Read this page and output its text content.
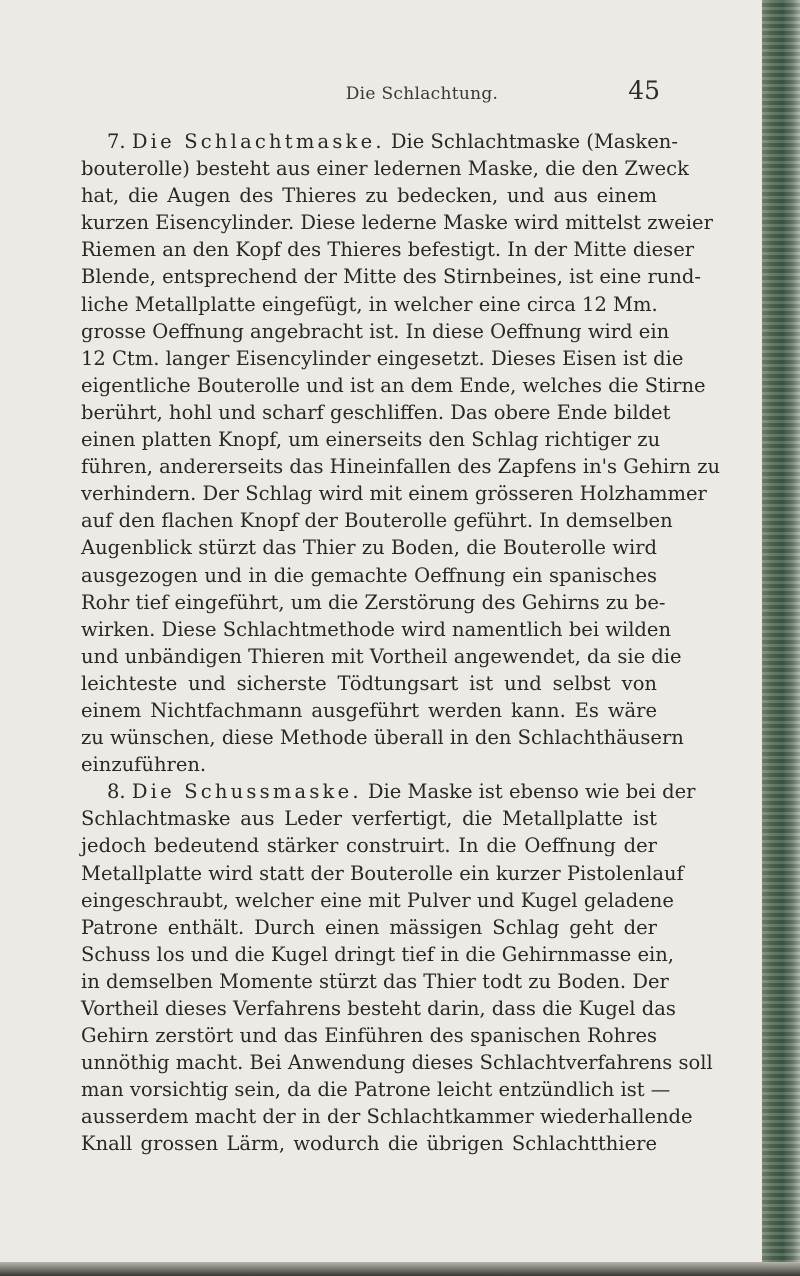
Die Schlachtung.	45
7. Die Schlachtmaske. Die Schlachtmaske (Masken-
bouterolle) besteht aus einer ledernen Maske, die den Zweck
hat, die Augen des Thieres zu bedecken, und aus einem
kurzen Eisencylinder. Diese lederne Maske wird mittelst zweier
Riemen an den Kopf des Thieres befestigt. In der Mitte dieser
Blende, entsprechend der Mitte des Stirnbeines, ist eine rund-
liche Metallplatte eingefügt, in welcher eine circa 12 Mm.
grosse Oeffnung angebracht ist. In diese Oeffnung wird ein
12 Ctm. langer Eisencylinder eingesetzt. Dieses Eisen ist die
eigentliche Bouterolle und ist an dem Ende, welches die Stirne
berührt, hohl und scharf geschliffen. Das obere Ende bildet
einen platten Knopf, um einerseits den Schlag richtiger zu
führen, andererseits das Hineinfallen des Zapfens in's Gehirn zu
verhindern. Der Schlag wird mit einem grösseren Holzhammer
auf den flachen Knopf der Bouterolle geführt. In demselben
Augenblick stürzt das Thier zu Boden, die Bouterolle wird
ausgezogen und in die gemachte Oeffnung ein spanisches
Rohr tief eingeführt, um die Zerstörung des Gehirns zu be-
wirken. Diese Schlachtmethode wird namentlich bei wilden
und unbändigen Thieren mit Vortheil angewendet, da sie die
leichteste und sicherste Tödtungsart ist und selbst von
einem Nichtfachmann ausgeführt werden kann. Es wäre
zu wünschen, diese Methode überall in den Schlachthäusern
einzuführen.
8. Die Schussmaske. Die Maske ist ebenso wie bei der
Schlachtmaske aus Leder verfertigt, die Metallplatte ist
jedoch bedeutend stärker construirt. In die Oeffnung der
Metallplatte wird statt der Bouterolle ein kurzer Pistolenlauf
eingeschraubt, welcher eine mit Pulver und Kugel geladene
Patrone enthält. Durch einen mässigen Schlag geht der
Schuss los und die Kugel dringt tief in die Gehirnmasse ein,
in demselben Momente stürzt das Thier todt zu Boden. Der
Vortheil dieses Verfahrens besteht darin, dass die Kugel das
Gehirn zerstört und das Einführen des spanischen Rohres
unnöthig macht. Bei Anwendung dieses Schlachtverfahrens soll
man vorsichtig sein, da die Patrone leicht entzündlich ist —
ausserdem macht der in der Schlachtkammer wiederhallende
Knall grossen Lärm, wodurch die übrigen Schlachtthiere
